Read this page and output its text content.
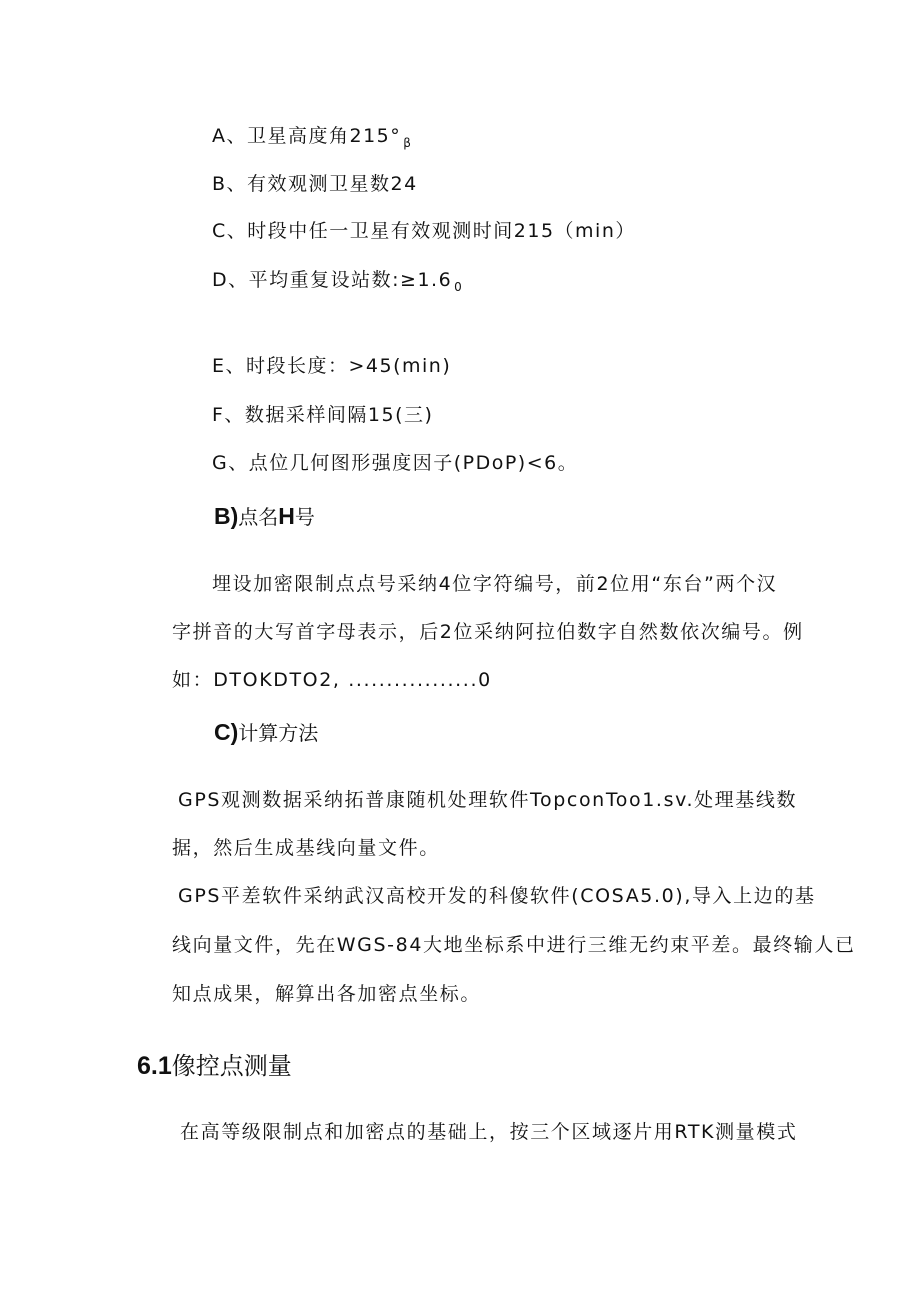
A、卫星高度角215° $_\beta$
B、有效观测卫星数24
C、时段中任一卫星有效观测时间215（min）
D、平均重复设站数:≥1.6 $_0$
E、时段长度：>45(min)
F、数据采样间隔15(三)
G、点位几何图形强度因子(PDoP)<6。
B)点名H号
埋设加密限制点点号采纳4位字符编号，前2位用“东台”两个汉
字拼音的大写首字母表示，后2位采纳阿拉伯数字自然数依次编号。例
如：DTOKDTO2, .................0
C)计算方法
GPS观测数据采纳拓普康随机处理软件TopconToo1.sv.处理基线数
据，然后生成基线向量文件。
GPS平差软件采纳武汉高校开发的科傻软件(COSA5.0),导入上边的基
线向量文件，先在WGS-84大地坐标系中进行三维无约束平差。最终输人已
知点成果，解算出各加密点坐标。
6.1像控点测量
在高等级限制点和加密点的基础上，按三个区域逐片用RTK测量模式
